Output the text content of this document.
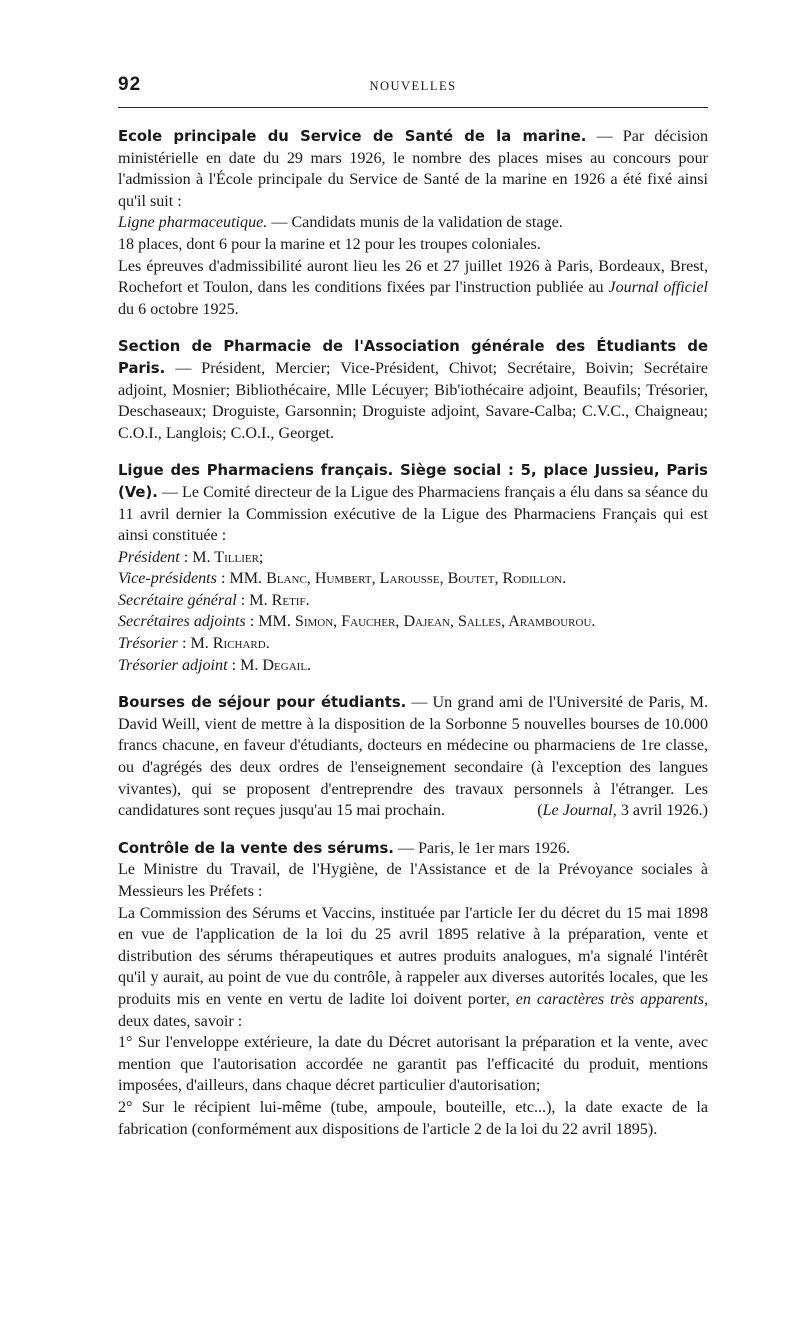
92	NOUVELLES

Ecole principale du Service de Santé de la marine. — Par décision ministérielle en date du 29 mars 1926, le nombre des places mises au concours pour l'admission à l'École principale du Service de Santé de la marine en 1926 a été fixé ainsi qu'il suit :

Ligne pharmaceutique. — Candidats munis de la validation de stage.

18 places, dont 6 pour la marine et 12 pour les troupes coloniales.

Les épreuves d'admissibilité auront lieu les 26 et 27 juillet 1926 à Paris, Bordeaux, Brest, Rochefort et Toulon, dans les conditions fixées par l'instruction publiée au Journal officiel du 6 octobre 1925.

Section de Pharmacie de l'Association générale des Étudiants de Paris. — Président, Mercier; Vice-Président, Chivot; Secrétaire, Boivin; Secrétaire adjoint, Mosnier; Bibliothécaire, Mlle Lécuyer; Bib'iothécaire adjoint, Beaufils; Trésorier, Deschaseaux; Droguiste, Garsonnin; Droguiste adjoint, Savare-Calba; C.V.C., Chaigneau; C.O.I., Langlois; C.O.I., Georget.

Ligue des Pharmaciens français. Siège social : 5, place Jussieu, Paris (Ve). — Le Comité directeur de la Ligue des Pharmaciens français a élu dans sa séance du 11 avril dernier la Commission exécutive de la Ligue des Pharmaciens Français qui est ainsi constituée :

Président : M. Tillier;

Vice-présidents : MM. Blanc, Humbert, Larousse, Boutet, Rodillon.

Secrétaire général : M. Retif.

Secrétaires adjoints : MM. Simon, Faucher, Dajean, Salles, Arambourou.

Trésorier : M. Richard.

Trésorier adjoint : M. Degail.

Bourses de séjour pour étudiants. — Un grand ami de l'Université de Paris, M. David Weill, vient de mettre à la disposition de la Sorbonne 5 nouvelles bourses de 10.000 francs chacune, en faveur d'étudiants, docteurs en médecine ou pharmaciens de 1re classe, ou d'agrégés des deux ordres de l'enseignement secondaire (à l'exception des langues vivantes), qui se proposent d'entreprendre des travaux personnels à l'étranger. Les candidatures sont reçues jusqu'au 15 mai prochain.	(Le Journal, 3 avril 1926.)

Contrôle de la vente des sérums. — Paris, le 1er mars 1926.

Le Ministre du Travail, de l'Hygiène, de l'Assistance et de la Prévoyance sociales à Messieurs les Préfets :

La Commission des Sérums et Vaccins, instituée par l'article Ier du décret du 15 mai 1898 en vue de l'application de la loi du 25 avril 1895 relative à la préparation, vente et distribution des sérums thérapeutiques et autres produits analogues, m'a signalé l'intérêt qu'il y aurait, au point de vue du contrôle, à rappeler aux diverses autorités locales, que les produits mis en vente en vertu de ladite loi doivent porter, en caractères très apparents, deux dates, savoir :

1° Sur l'enveloppe extérieure, la date du Décret autorisant la préparation et la vente, avec mention que l'autorisation accordée ne garantit pas l'efficacité du produit, mentions imposées, d'ailleurs, dans chaque décret particulier d'autorisation;

2° Sur le récipient lui-même (tube, ampoule, bouteille, etc...), la date exacte de la fabrication (conformément aux dispositions de l'article 2 de la loi du 22 avril 1895).
